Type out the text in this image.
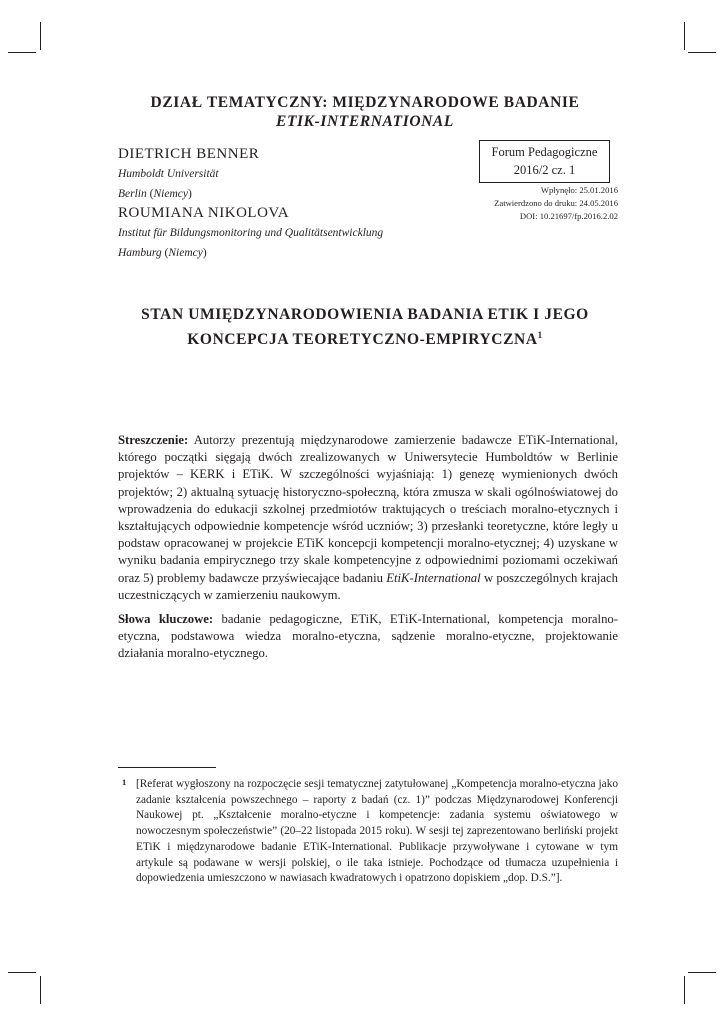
DZIAŁ TEMATYCZNY: MIĘDZYNARODOWE BADANIE
ETIK-INTERNATIONAL
DIETRICH BENNER
Humboldt Universität
Berlin (Niemcy)
ROUMIANA NIKOLOVA
Institut für Bildungsmonitoring und Qualitätsentwicklung
Hamburg (Niemcy)
Forum Pedagogiczne
2016/2 cz. 1
Wpłynęło: 25.01.2016
Zatwierdzono do druku: 24.05.2016
DOI: 10.21697/fp.2016.2.02
STAN UMIĘDZYNARODOWIENIA BADANIA ETIK I JEGO
KONCEPCJA TEORETYCZNO-EMPIRYCZNA$^1$

Streszczenie: Autorzy prezentują międzynarodowe zamierzenie badawcze ETiK-International, którego początki sięgają dwóch zrealizowanych w Uniwersytecie Humboldtów w Berlinie projektów – KERK i ETiK. W szczególności wyjaśniają: 1) genezę wymienionych dwóch projektów; 2) aktualną sytuację historyczno-społeczną, która zmusza w skali ogólnoświatowej do wprowadzenia do edukacji szkolnej przedmiotów traktujących o treściach moralno-etycznych i kształtujących odpowiednie kompetencje wśród uczniów; 3) przesłanki teoretyczne, które legły u podstaw opracowanej w projekcie ETiK koncepcji kompetencji moralno-etycznej; 4) uzyskane w wyniku badania empirycznego trzy skale kompetencyjne z odpowiednimi poziomami oczekiwań oraz 5) problemy badawcze przyświecające badaniu EtiK-International w poszczególnych krajach uczestniczących w zamierzeniu naukowym.

Słowa kluczowe: badanie pedagogiczne, ETiK, ETiK-International, kompetencja moralno-etyczna, podstawowa wiedza moralno-etyczna, sądzenie moralno-etyczne, projektowanie działania moralno-etycznego.

1 [Referat wygłoszony na rozpoczęcie sesji tematycznej zatytułowanej „Kompetencja moralno-etyczna jako zadanie kształcenia powszechnego – raporty z badań (cz. 1)” podczas Międzynarodowej Konferencji Naukowej pt. „Kształcenie moralno-etyczne i kompetencje: zadania systemu oświatowego w nowoczesnym społeczeństwie” (20–22 listopada 2015 roku). W sesji tej zaprezentowano berliński projekt ETiK i międzynarodowe badanie ETiK-International. Publikacje przywoływane i cytowane w tym artykule są podawane w wersji polskiej, o ile taka istnieje. Pochodzące od tłumacza uzupełnienia i dopowiedzenia umieszczono w nawiasach kwadratowych i opatrzono dopiskiem „dop. D.S.”].
